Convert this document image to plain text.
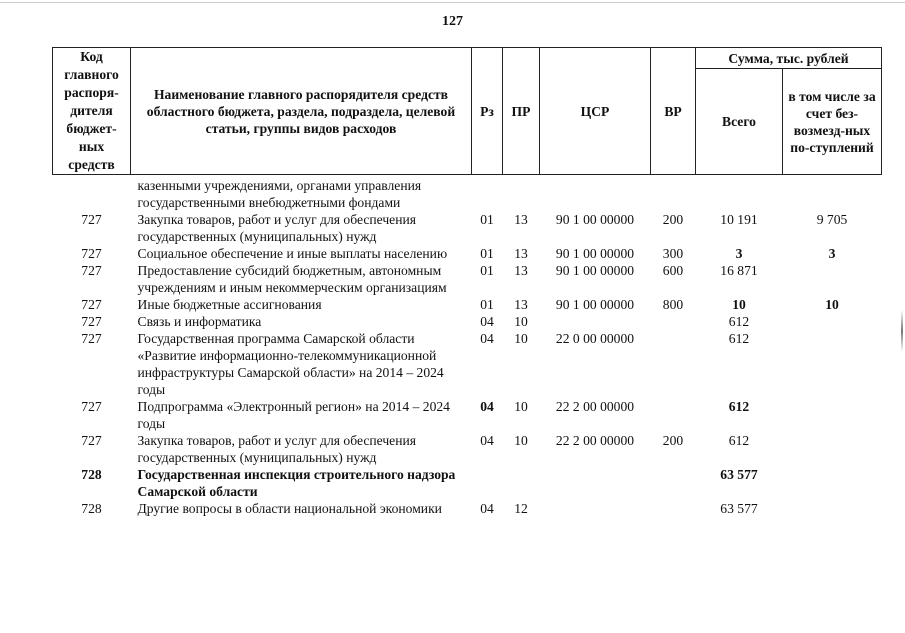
127
Код главного распоря-дителя бюджет-ных средств	Наименование главного распорядителя средств областного бюджета, раздела, подраздела, целевой статьи, группы видов расходов	Рз	ПР	ЦСР	ВР	Сумма, тыс. рублей	
						Всего	в том числе за счет без-возмезд-ных по-ступлений
	казенными учреждениями, органами управления государственными внебюджетными фондами						
727	Закупка товаров, работ и услуг для обеспечения государственных (муниципальных) нужд	01	13	90 1 00 00000	200	10 191	9 705
727	Социальное обеспечение и иные выплаты населению	01	13	90 1 00 00000	300	3	3
727	Предоставление субсидий бюджетным, автономным учреждениям и иным некоммерческим организациям	01	13	90 1 00 00000	600	16 871	
727	Иные бюджетные ассигнования	01	13	90 1 00 00000	800	10	10
727	Связь и информатика	04	10			612	
727	Государственная программа Самарской области «Развитие информационно-телекоммуникационной инфраструктуры Самарской области» на 2014 – 2024 годы	04	10	22 0 00 00000		612	
727	Подпрограмма «Электронный регион» на 2014 – 2024 годы	04	10	22 2 00 00000		612	
727	Закупка товаров, работ и услуг для обеспечения государственных (муниципальных) нужд	04	10	22 2 00 00000	200	612	
728	Государственная инспекция строительного надзора Самарской области					63 577	
728	Другие вопросы в области национальной экономики	04	12			63 577	
